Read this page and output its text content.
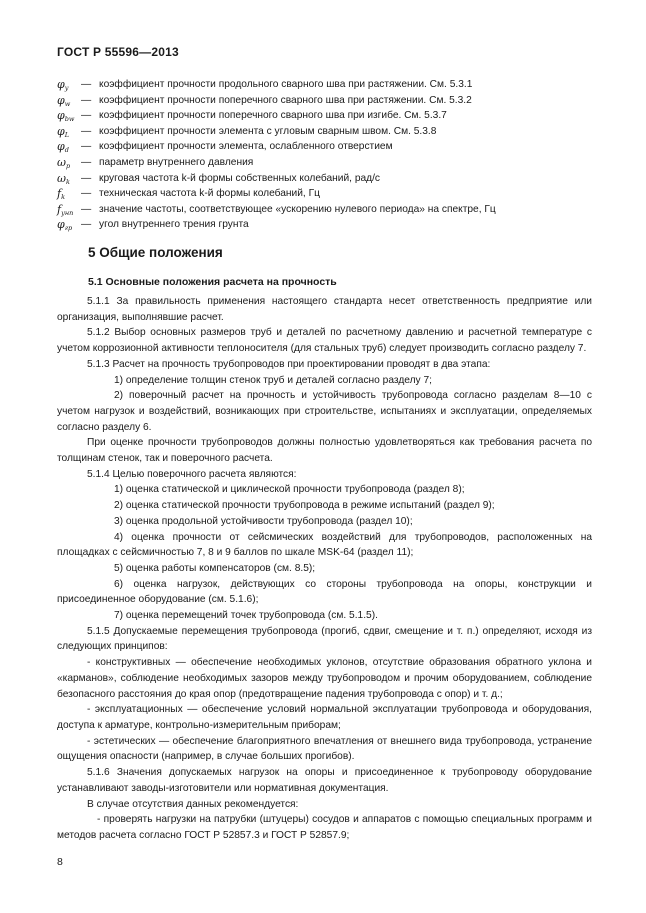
ГОСТ Р 55596—2013
$\varphi_y$	— коэффициент прочности продольного сварного шва при растяжении. См. 5.3.1
$\varphi_w$	— коэффициент прочности поперечного сварного шва при растяжении. См. 5.3.2
$\varphi_{bw}$ — коэффициент прочности поперечного сварного шва при изгибе. См. 5.3.7
$\varphi_L$	— коэффициент прочности элемента с угловым сварным швом. См. 5.3.8
$\varphi_d$	— коэффициент прочности элемента, ослабленного отверстием
$\omega_p$	— параметр внутреннего давления
$\omega_k$	— круговая частота k-й формы собственных колебаний, рад/с
$f_k$	— техническая частота k-й формы колебаний, Гц
$f_{унп}$ — значение частоты, соответствующее «ускорению нулевого периода» на спектре, Гц
$\varphi_{гр}$ — угол внутреннего трения грунта
5 Общие положения
5.1 Основные положения расчета на прочность

5.1.1 За правильность применения настоящего стандарта несет ответственность предприятие или организация, выполнявшие расчет.

5.1.2 Выбор основных размеров труб и деталей по расчетному давлению и расчетной температуре с учетом коррозионной активности теплоносителя (для стальных труб) следует производить согласно разделу 7.

5.1.3 Расчет на прочность трубопроводов при проектировании проводят в два этапа:

1) определение толщин стенок труб и деталей согласно разделу 7;

2) поверочный расчет на прочность и устойчивость трубопровода согласно разделам 8—10 с учетом нагрузок и воздействий, возникающих при строительстве, испытаниях и эксплуатации, определяемых согласно разделу 6.

При оценке прочности трубопроводов должны полностью удовлетворяться как требования расчета по толщинам стенок, так и поверочного расчета.

5.1.4 Целью поверочного расчета являются:

1) оценка статической и циклической прочности трубопровода (раздел 8);

2) оценка статической прочности трубопровода в режиме испытаний (раздел 9);

3) оценка продольной устойчивости трубопровода (раздел 10);

4) оценка прочности от сейсмических воздействий для трубопроводов, расположенных на площадках с сейсмичностью 7, 8 и 9 баллов по шкале MSK-64 (раздел 11);

5) оценка работы компенсаторов (см. 8.5);

6) оценка нагрузок, действующих со стороны трубопровода на опоры, конструкции и присоединенное оборудование (см. 5.1.6);

7) оценка перемещений точек трубопровода (см. 5.1.5).

5.1.5 Допускаемые перемещения трубопровода (прогиб, сдвиг, смещение и т. п.) определяют, исходя из следующих принципов:

- конструктивных — обеспечение необходимых уклонов, отсутствие образования обратного уклона и «карманов», соблюдение необходимых зазоров между трубопроводом и прочим оборудованием, соблюдение безопасного расстояния до края опор (предотвращение падения трубопровода с опор) и т. д.;

- эксплуатационных — обеспечение условий нормальной эксплуатации трубопровода и оборудования, доступа к арматуре, контрольно-измерительным приборам;

- эстетических — обеспечение благоприятного впечатления от внешнего вида трубопровода, устранение ощущения опасности (например, в случае больших прогибов).

5.1.6 Значения допускаемых нагрузок на опоры и присоединенное к трубопроводу оборудование устанавливают заводы-изготовители или нормативная документация.

В случае отсутствия данных рекомендуется:

- проверять нагрузки на патрубки (штуцеры) сосудов и аппаратов с помощью специальных программ и методов расчета согласно ГОСТ Р 52857.3 и ГОСТ Р 52857.9;

8
